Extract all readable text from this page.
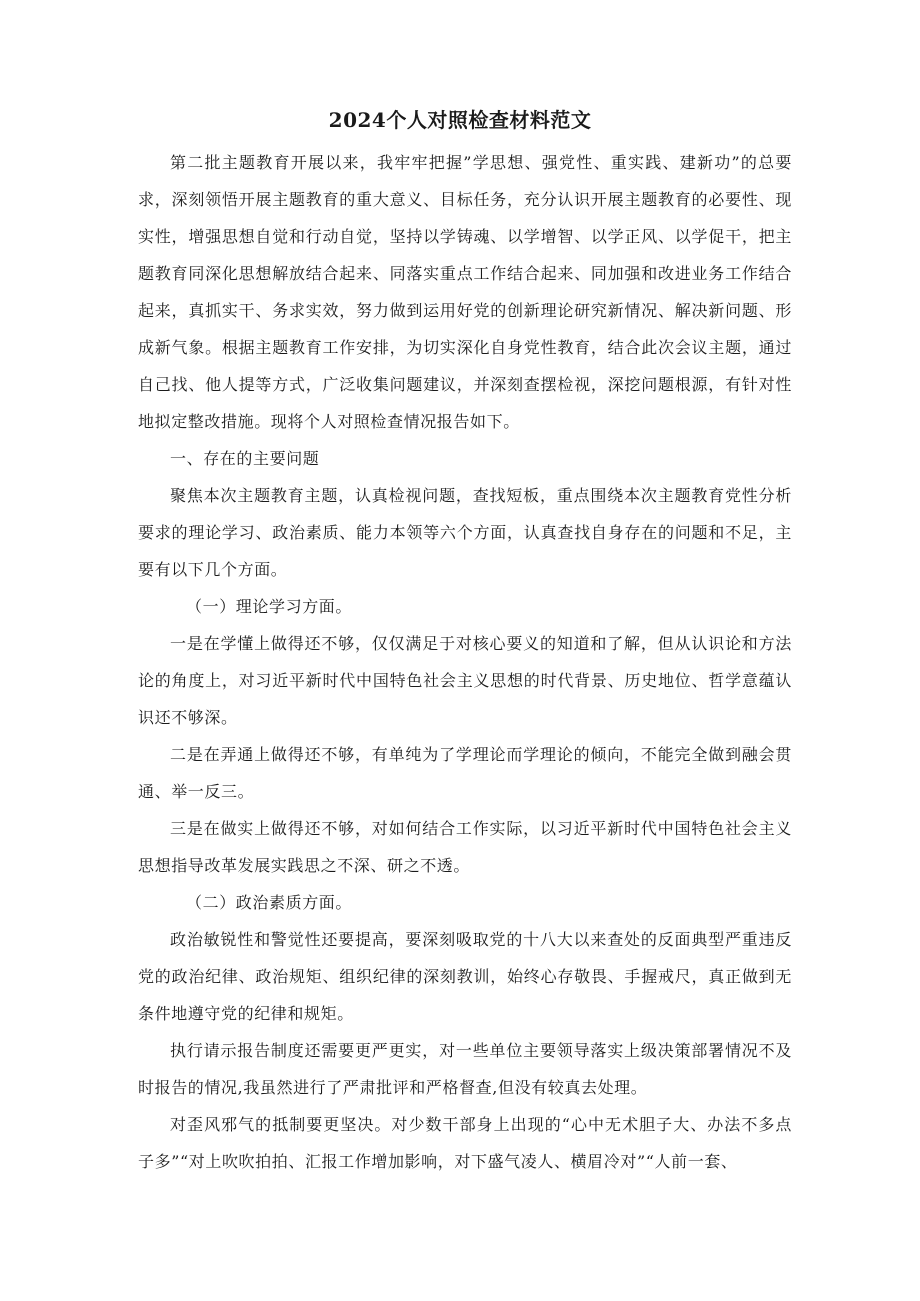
2024个人对照检查材料范文

第二批主题教育开展以来，我牢牢把握”学思想、强党性、重实践、建新功”的总要求，深刻领悟开展主题教育的重大意义、目标任务，充分认识开展主题教育的必要性、现实性，增强思想自觉和行动自觉，坚持以学铸魂、以学增智、以学正风、以学促干，把主题教育同深化思想解放结合起来、同落实重点工作结合起来、同加强和改进业务工作结合起来，真抓实干、务求实效，努力做到运用好党的创新理论研究新情况、解决新问题、形成新气象。根据主题教育工作安排，为切实深化自身党性教育，结合此次会议主题，通过自己找、他人提等方式，广泛收集问题建议，并深刻查摆检视，深挖问题根源，有针对性地拟定整改措施。现将个人对照检查情况报告如下。

一、存在的主要问题

聚焦本次主题教育主题，认真检视问题，查找短板，重点围绕本次主题教育党性分析要求的理论学习、政治素质、能力本领等六个方面，认真查找自身存在的问题和不足，主要有以下几个方面。

（一）理论学习方面。

一是在学懂上做得还不够，仅仅满足于对核心要义的知道和了解，但从认识论和方法论的角度上，对习近平新时代中国特色社会主义思想的时代背景、历史地位、哲学意蕴认识还不够深。

二是在弄通上做得还不够，有单纯为了学理论而学理论的倾向，不能完全做到融会贯通、举一反三。

三是在做实上做得还不够，对如何结合工作实际，以习近平新时代中国特色社会主义思想指导改革发展实践思之不深、研之不透。

（二）政治素质方面。

政治敏锐性和警觉性还要提高，要深刻吸取党的十八大以来查处的反面典型严重违反党的政治纪律、政治规矩、组织纪律的深刻教训，始终心存敬畏、手握戒尺，真正做到无条件地遵守党的纪律和规矩。

执行请示报告制度还需要更严更实，对一些单位主要领导落实上级决策部署情况不及时报告的情况,我虽然进行了严肃批评和严格督查,但没有较真去处理。

对歪风邪气的抵制要更坚决。对少数干部身上出现的“心中无术胆子大、办法不多点子多”“对上吹吹拍拍、汇报工作增加影响，对下盛气凌人、横眉冷对”“人前一套、
